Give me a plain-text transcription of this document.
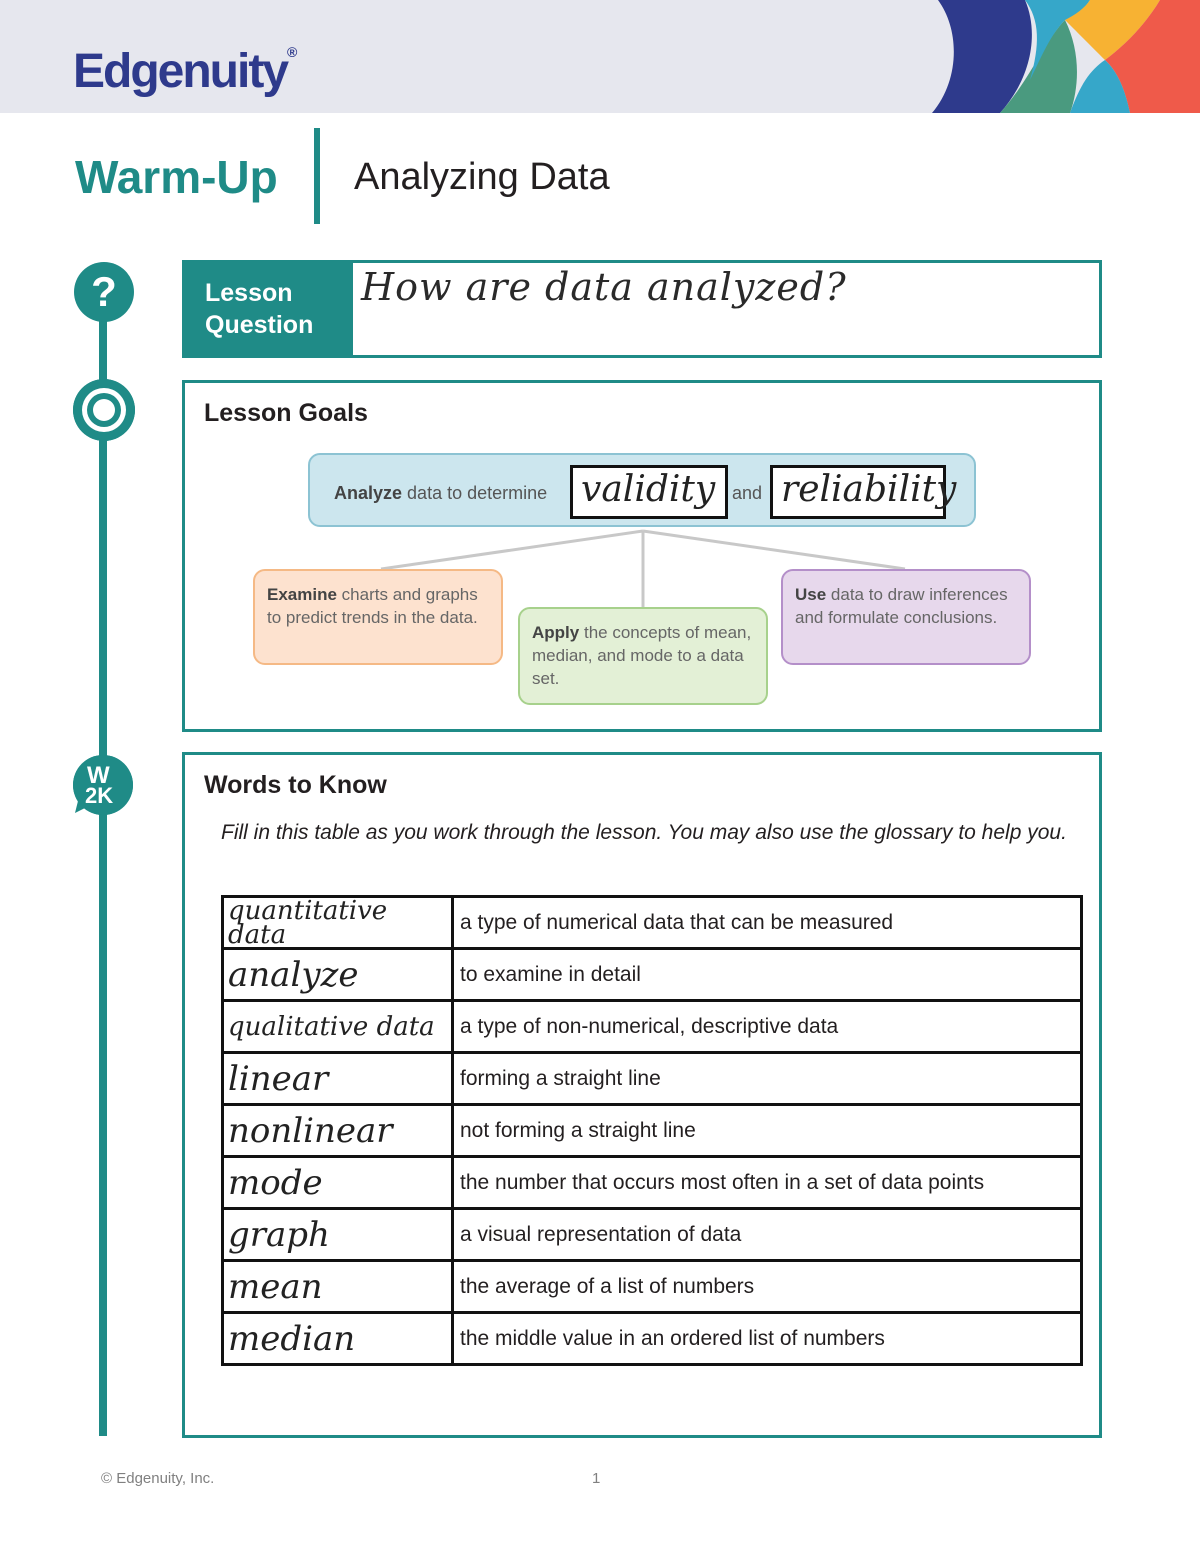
Edgenuity®
Warm-Up Analyzing Data
?
W
2K
Lesson
Question
How are data analyzed?
Lesson Goals
Analyze data to determine validity and reliability
Examine charts and graphs to predict trends in the data.
Apply the concepts of mean, median, and mode to a data set.
Use data to draw inferences and formulate conclusions.
Words to Know
Fill in this table as you work through the lesson. You may also use the glossary to help you.
quantitative data	a type of numerical data that can be measured
analyze	to examine in detail
qualitative data	a type of non-numerical, descriptive data
linear	forming a straight line
nonlinear	not forming a straight line
mode	the number that occurs most often in a set of data points
graph	a visual representation of data
mean	the average of a list of numbers
median	the middle value in an ordered list of numbers
© Edgenuity, Inc.	1
